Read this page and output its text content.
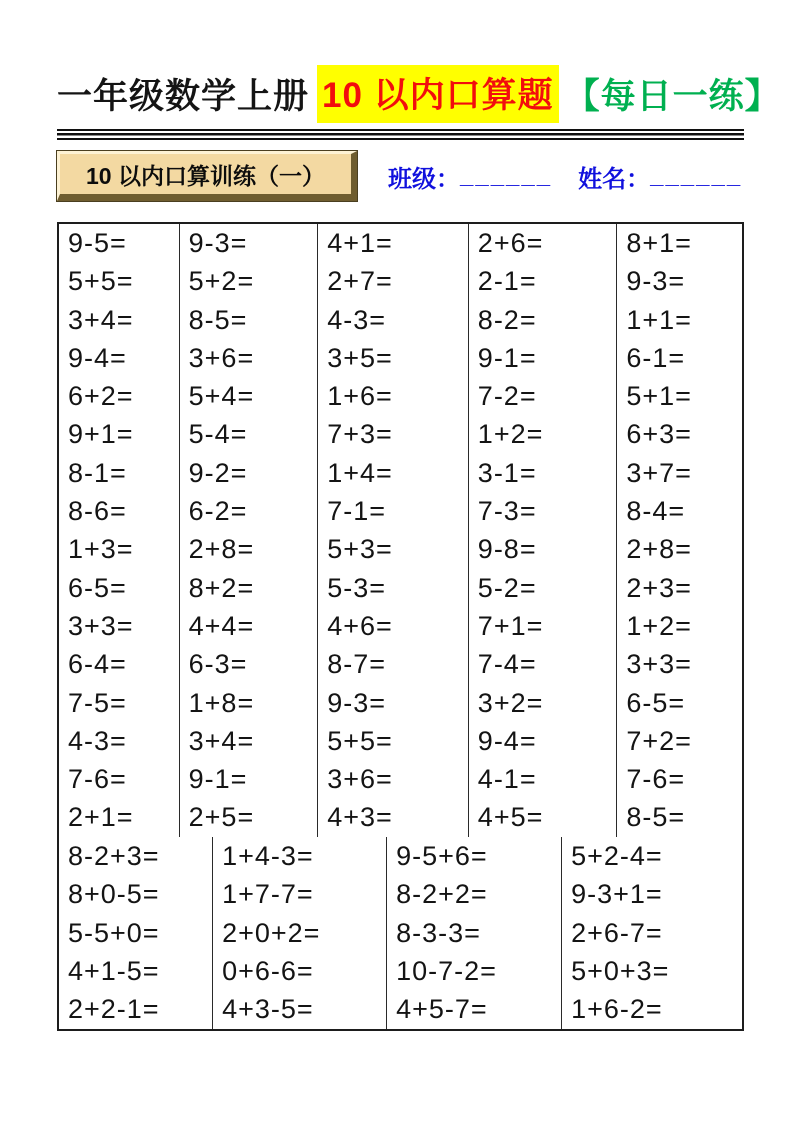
一年级数学上册 10 以内口算题 【每日一练】
10 以内口算训练（一）	班级： ______ 姓名： ______
9-5=
5+5=
3+4=
9-4=
6+2=
9+1=
8-1=
8-6=
1+3=
6-5=
3+3=
6-4=
7-5=
4-3=
7-6=
2+1=
9-3=
5+2=
8-5=
3+6=
5+4=
5-4=
9-2=
6-2=
2+8=
8+2=
4+4=
6-3=
1+8=
3+4=
9-1=
2+5=
4+1=
2+7=
4-3=
3+5=
1+6=
7+3=
1+4=
7-1=
5+3=
5-3=
4+6=
8-7=
9-3=
5+5=
3+6=
4+3=
2+6=
2-1=
8-2=
9-1=
7-2=
1+2=
3-1=
7-3=
9-8=
5-2=
7+1=
7-4=
3+2=
9-4=
4-1=
4+5=
8+1=
9-3=
1+1=
6-1=
5+1=
6+3=
3+7=
8-4=
2+8=
2+3=
1+2=
3+3=
6-5=
7+2=
7-6=
8-5=
8-2+3=
8+0-5=
5-5+0=
4+1-5=
2+2-1=
1+4-3=
1+7-7=
2+0+2=
0+6-6=
4+3-5=
9-5+6=
8-2+2=
8-3-3=
10-7-2=
4+5-7=
5+2-4=
9-3+1=
2+6-7=
5+0+3=
1+6-2=
